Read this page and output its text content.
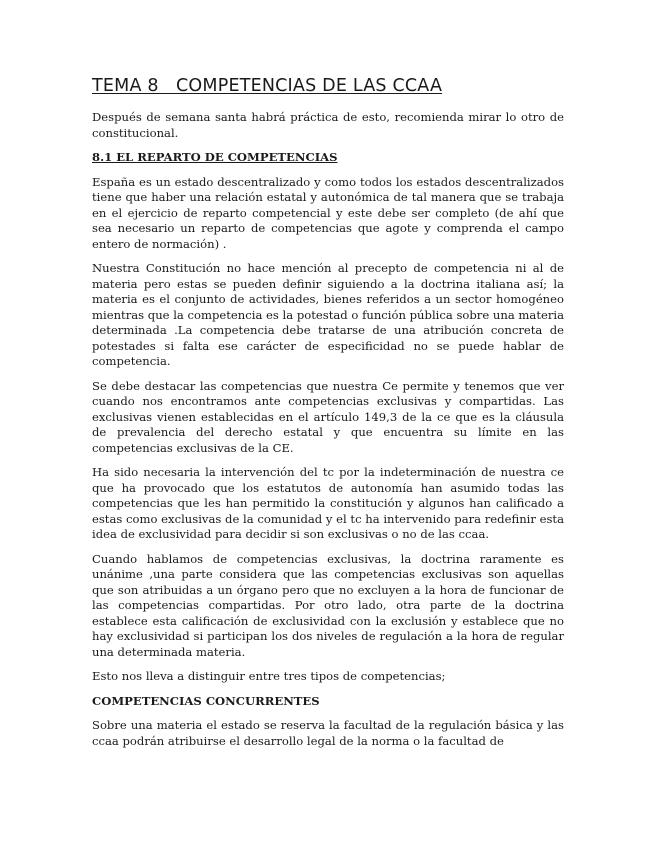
TEMA 8   COMPETENCIAS DE LAS CCAA

Después de semana santa habrá práctica de esto, recomienda mirar lo otro de constitucional.

8.1 EL REPARTO DE COMPETENCIAS

España es un estado descentralizado y como todos los estados descentralizados tiene que haber una relación estatal y autonómica de tal manera que se trabaja en el ejercicio de reparto competencial y este debe ser completo (de ahí que sea necesario un reparto de competencias que agote y comprenda el campo entero de normación) .

Nuestra Constitución no hace mención al precepto de competencia ni al de materia pero estas se pueden definir siguiendo a la doctrina italiana así; la materia es el conjunto de actividades, bienes referidos a un sector homogéneo mientras que la competencia es la potestad o función pública sobre una materia determinada .La competencia debe tratarse de una atribución concreta de potestades si falta ese carácter de especificidad no se puede hablar de competencia.

Se debe destacar las competencias que nuestra Ce permite y tenemos que ver cuando nos encontramos ante competencias exclusivas y compartidas. Las exclusivas vienen establecidas en el artículo 149,3 de la ce que es la cláusula de prevalencia del derecho estatal y que encuentra su límite en las competencias exclusivas de la CE.

Ha sido necesaria la intervención del tc por la indeterminación de nuestra ce que ha provocado que los estatutos de autonomía han asumido todas las competencias que les han permitido la constitución y algunos han calificado a estas como exclusivas de la comunidad y el tc ha intervenido para redefinir esta idea de exclusividad para decidir si son exclusivas o no de las ccaa.

Cuando hablamos de competencias exclusivas, la doctrina raramente es unánime ,una parte considera que las competencias exclusivas son aquellas que son atribuidas a un órgano pero que no excluyen a la hora de funcionar de las competencias compartidas. Por otro lado, otra parte de la doctrina establece esta calificación de exclusividad con la exclusión y establece que no hay exclusividad si participan los dos niveles de regulación a la hora de regular una determinada materia.

Esto nos lleva a distinguir entre tres tipos de competencias;

COMPETENCIAS CONCURRENTES

Sobre una materia el estado se reserva la facultad de la regulación básica y las ccaa podrán atribuirse el desarrollo legal de la norma o la facultad de
